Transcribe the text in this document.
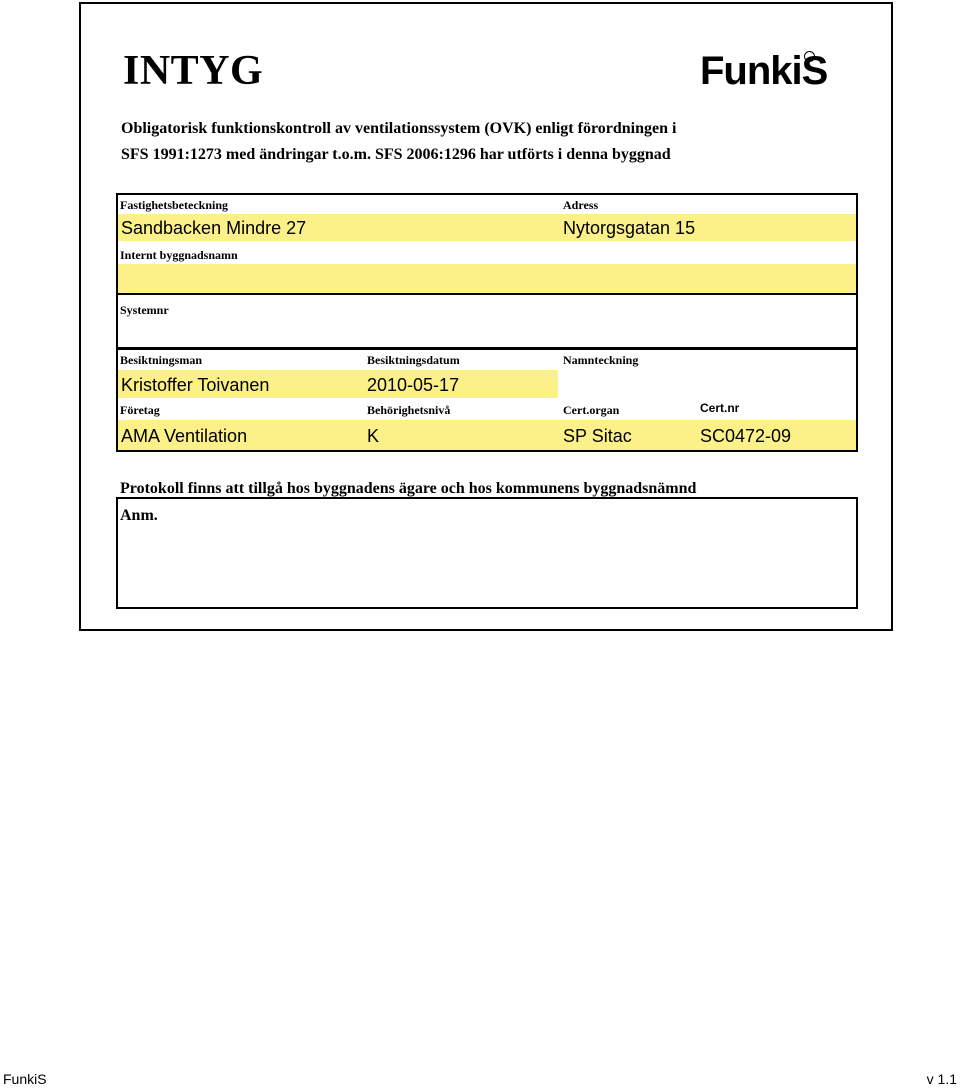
INTYG	FunkiS

Obligatorisk funktionskontroll av ventilationssystem (OVK) enligt förordningen i
SFS 1991:1273 med ändringar t.o.m. SFS 2006:1296 har utförts i denna byggnad

Fastighetsbeteckning	Adress
Sandbacken Mindre 27	Nytorgsgatan 15
Internt byggnadsnamn
Systemnr
Besiktningsman	Besiktningsdatum	Namnteckning
Kristoffer Toivanen	2010-05-17
Företag	Behörighetsnivå	Cert.organ	Cert.nr
AMA Ventilation	K	SP Sitac	SC0472-09

Protokoll finns att tillgå hos byggnadens ägare och hos kommunens byggnadsnämnd

Anm.
FunkiS	v 1.1
